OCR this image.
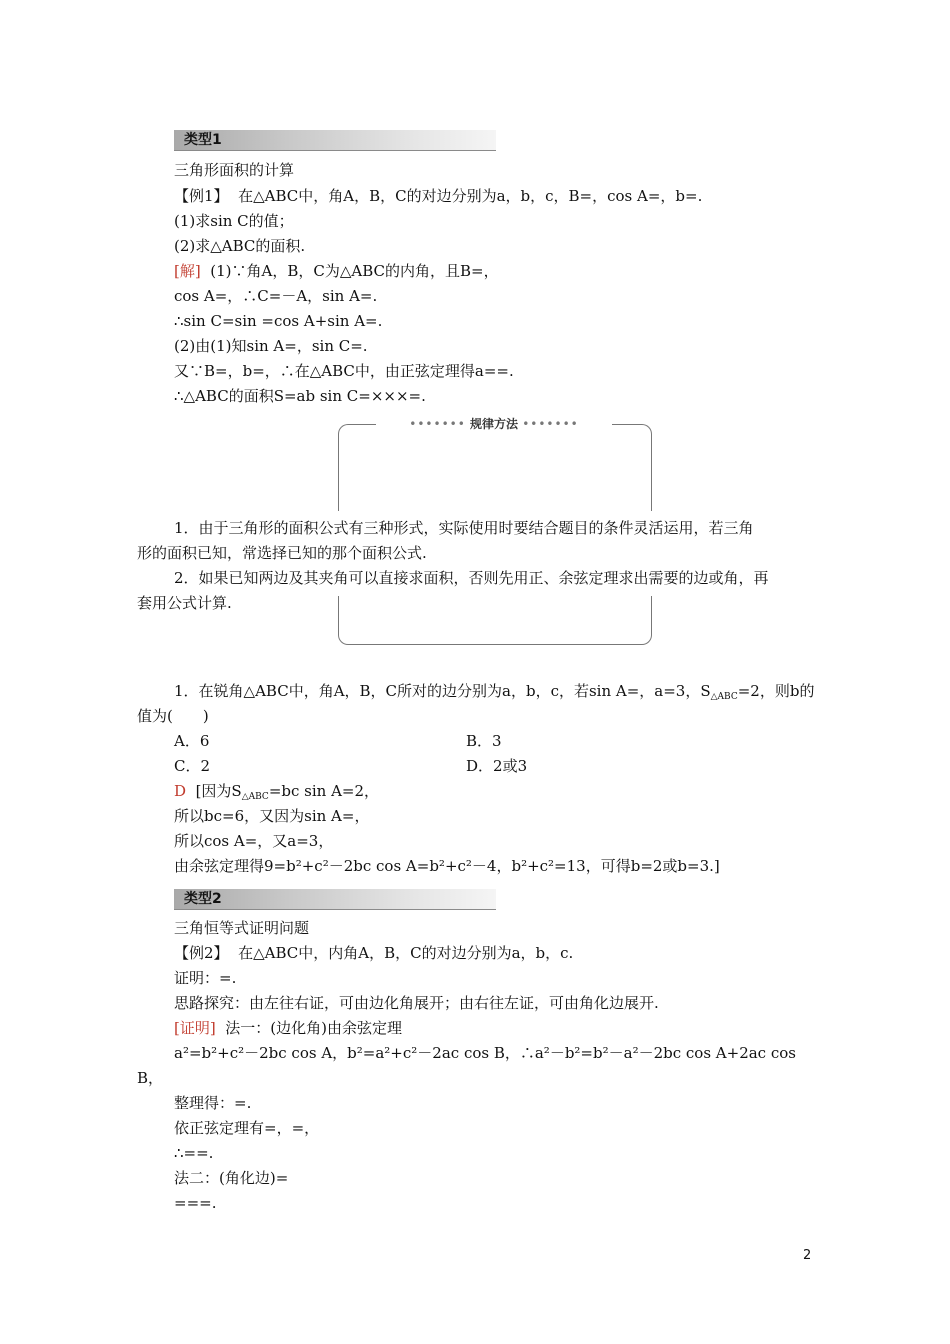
类型1
三角形面积的计算
【例1】 在△ABC中，角A，B，C的对边分别为a，b，c，B=，cos A=，b=.
(1)求sin C的值；
(2)求△ABC的面积.
[解] (1)∵角A，B，C为△ABC的内角，且B=，
cos A=，∴C=－A，sin A=.
∴sin C=sin =cos A+sin A=.
(2)由(1)知sin A=，sin C=.
又∵B=，b=，∴在△ABC中，由正弦定理得a==.
∴△ABC的面积S=ab sin C=×××=.
••••••• 规律方法 •••••••
1．由于三角形的面积公式有三种形式，实际使用时要结合题目的条件灵活运用，若三角
形的面积已知，常选择已知的那个面积公式.
2．如果已知两边及其夹角可以直接求面积，否则先用正、余弦定理求出需要的边或角，再
套用公式计算.
1．在锐角△ABC中，角A，B，C所对的边分别为a，b，c，若sin A=，a=3，$S_{\triangle ABC}=2$，则b的
值为(　　)
A．6	B．3
C．2	D．2或3
D [因为$S_{\triangle ABC}=bc$ sin A=2，
所以bc=6，又因为sin A=，
所以cos A=，又a=3，
由余弦定理得9=b²+c²－2bc cos A=b²+c²－4，b²+c²=13，可得b=2或b=3.]
类型2
三角恒等式证明问题
【例2】 在△ABC中，内角A，B，C的对边分别为a，b，c.
证明：=.
思路探究：由左往右证，可由边化角展开；由右往左证，可由角化边展开.
[证明] 法一：(边化角)由余弦定理
a²=b²+c²－2bc cos A，b²=a²+c²－2ac cos B，∴a²－b²=b²－a²－2bc cos A+2ac cos
B，
整理得：=.
依正弦定理有=，=，
∴==.
法二：(角化边)=
===.
2
